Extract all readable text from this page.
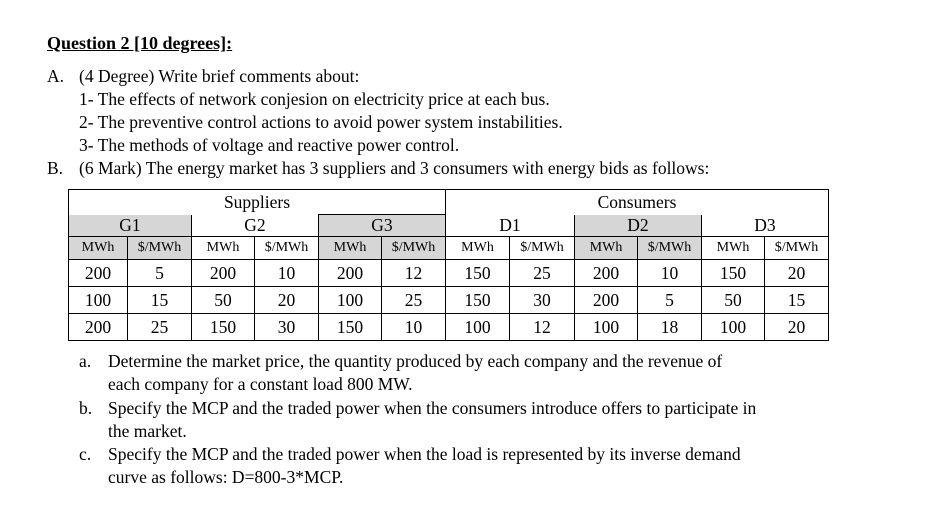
Question 2 [10 degrees]:
A. (4 Degree) Write brief comments about:
1- The effects of network conjesion on electricity price at each bus.
2- The preventive control actions to avoid power system instabilities.
3- The methods of voltage and reactive power control.
B. (6 Mark) The energy market has 3 suppliers and 3 consumers with energy bids as follows:
Suppliers						Consumers					
G1		G2		G3		D1		D2		D3	
MWh	$/MWh	MWh	$/MWh	MWh	$/MWh	MWh	$/MWh	MWh	$/MWh	MWh	$/MWh
200	5	200	10	200	12	150	25	200	10	150	20
100	15	50	20	100	25	150	30	200	5	50	15
200	25	150	30	150	10	100	12	100	18	100	20
a. Determine the market price, the quantity produced by each company and the revenue of
each company for a constant load 800 MW.
b. Specify the MCP and the traded power when the consumers introduce offers to participate in
the market.
c. Specify the MCP and the traded power when the load is represented by its inverse demand
curve as follows: D=800-3*MCP.
